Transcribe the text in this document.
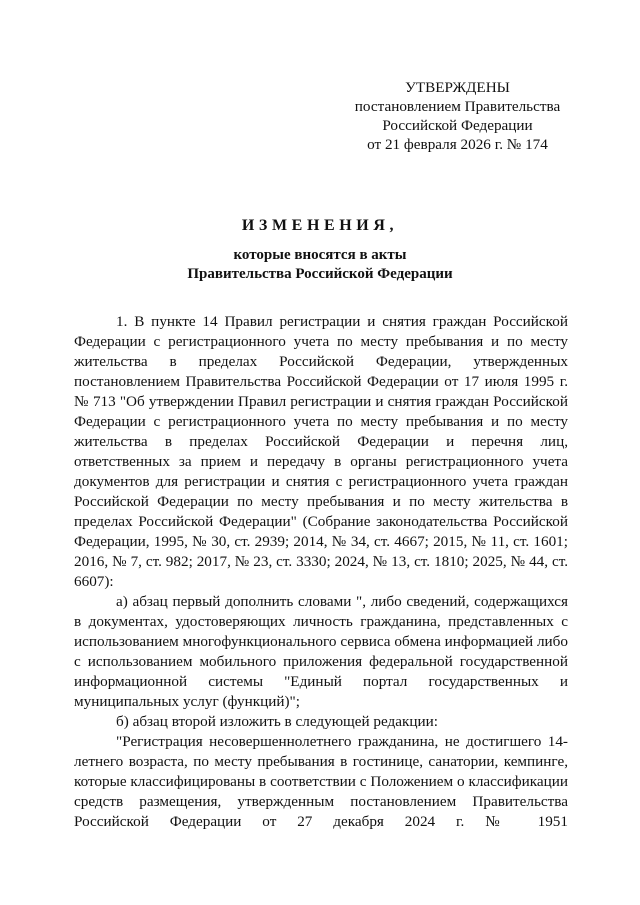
УТВЕРЖДЕНЫ
постановлением Правительства
Российской Федерации
от 21 февраля 2026 г. № 174
ИЗМЕНЕНИЯ,
которые вносятся в акты
Правительства Российской Федерации

1. В пункте 14 Правил регистрации и снятия граждан Российской Федерации с регистрационного учета по месту пребывания и по месту жительства в пределах Российской Федерации, утвержденных постановлением Правительства Российской Федерации от 17 июля 1995 г. № 713 "Об утверждении Правил регистрации и снятия граждан Российской Федерации с регистрационного учета по месту пребывания и по месту жительства в пределах Российской Федерации и перечня лиц, ответственных за прием и передачу в органы регистрационного учета документов для регистрации и снятия с регистрационного учета граждан Российской Федерации по месту пребывания и по месту жительства в пределах Российской Федерации" (Собрание законодательства Российской Федерации, 1995, № 30, ст. 2939; 2014, № 34, ст. 4667; 2015, № 11, ст. 1601; 2016, № 7, ст. 982; 2017, № 23, ст. 3330; 2024, № 13, ст. 1810; 2025, № 44, ст. 6607):

а) абзац первый дополнить словами ", либо сведений, содержащихся в документах, удостоверяющих личность гражданина, представленных с использованием многофункционального сервиса обмена информацией либо с использованием мобильного приложения федеральной государственной информационной системы "Единый портал государственных и муниципальных услуг (функций)";

б) абзац второй изложить в следующей редакции:

"Регистрация несовершеннолетнего гражданина, не достигшего 14-летнего возраста, по месту пребывания в гостинице, санатории, кемпинге, которые классифицированы в соответствии с Положением о классификации средств размещения, утвержденным постановлением Правительства Российской Федерации от 27 декабря 2024 г. № 1951
